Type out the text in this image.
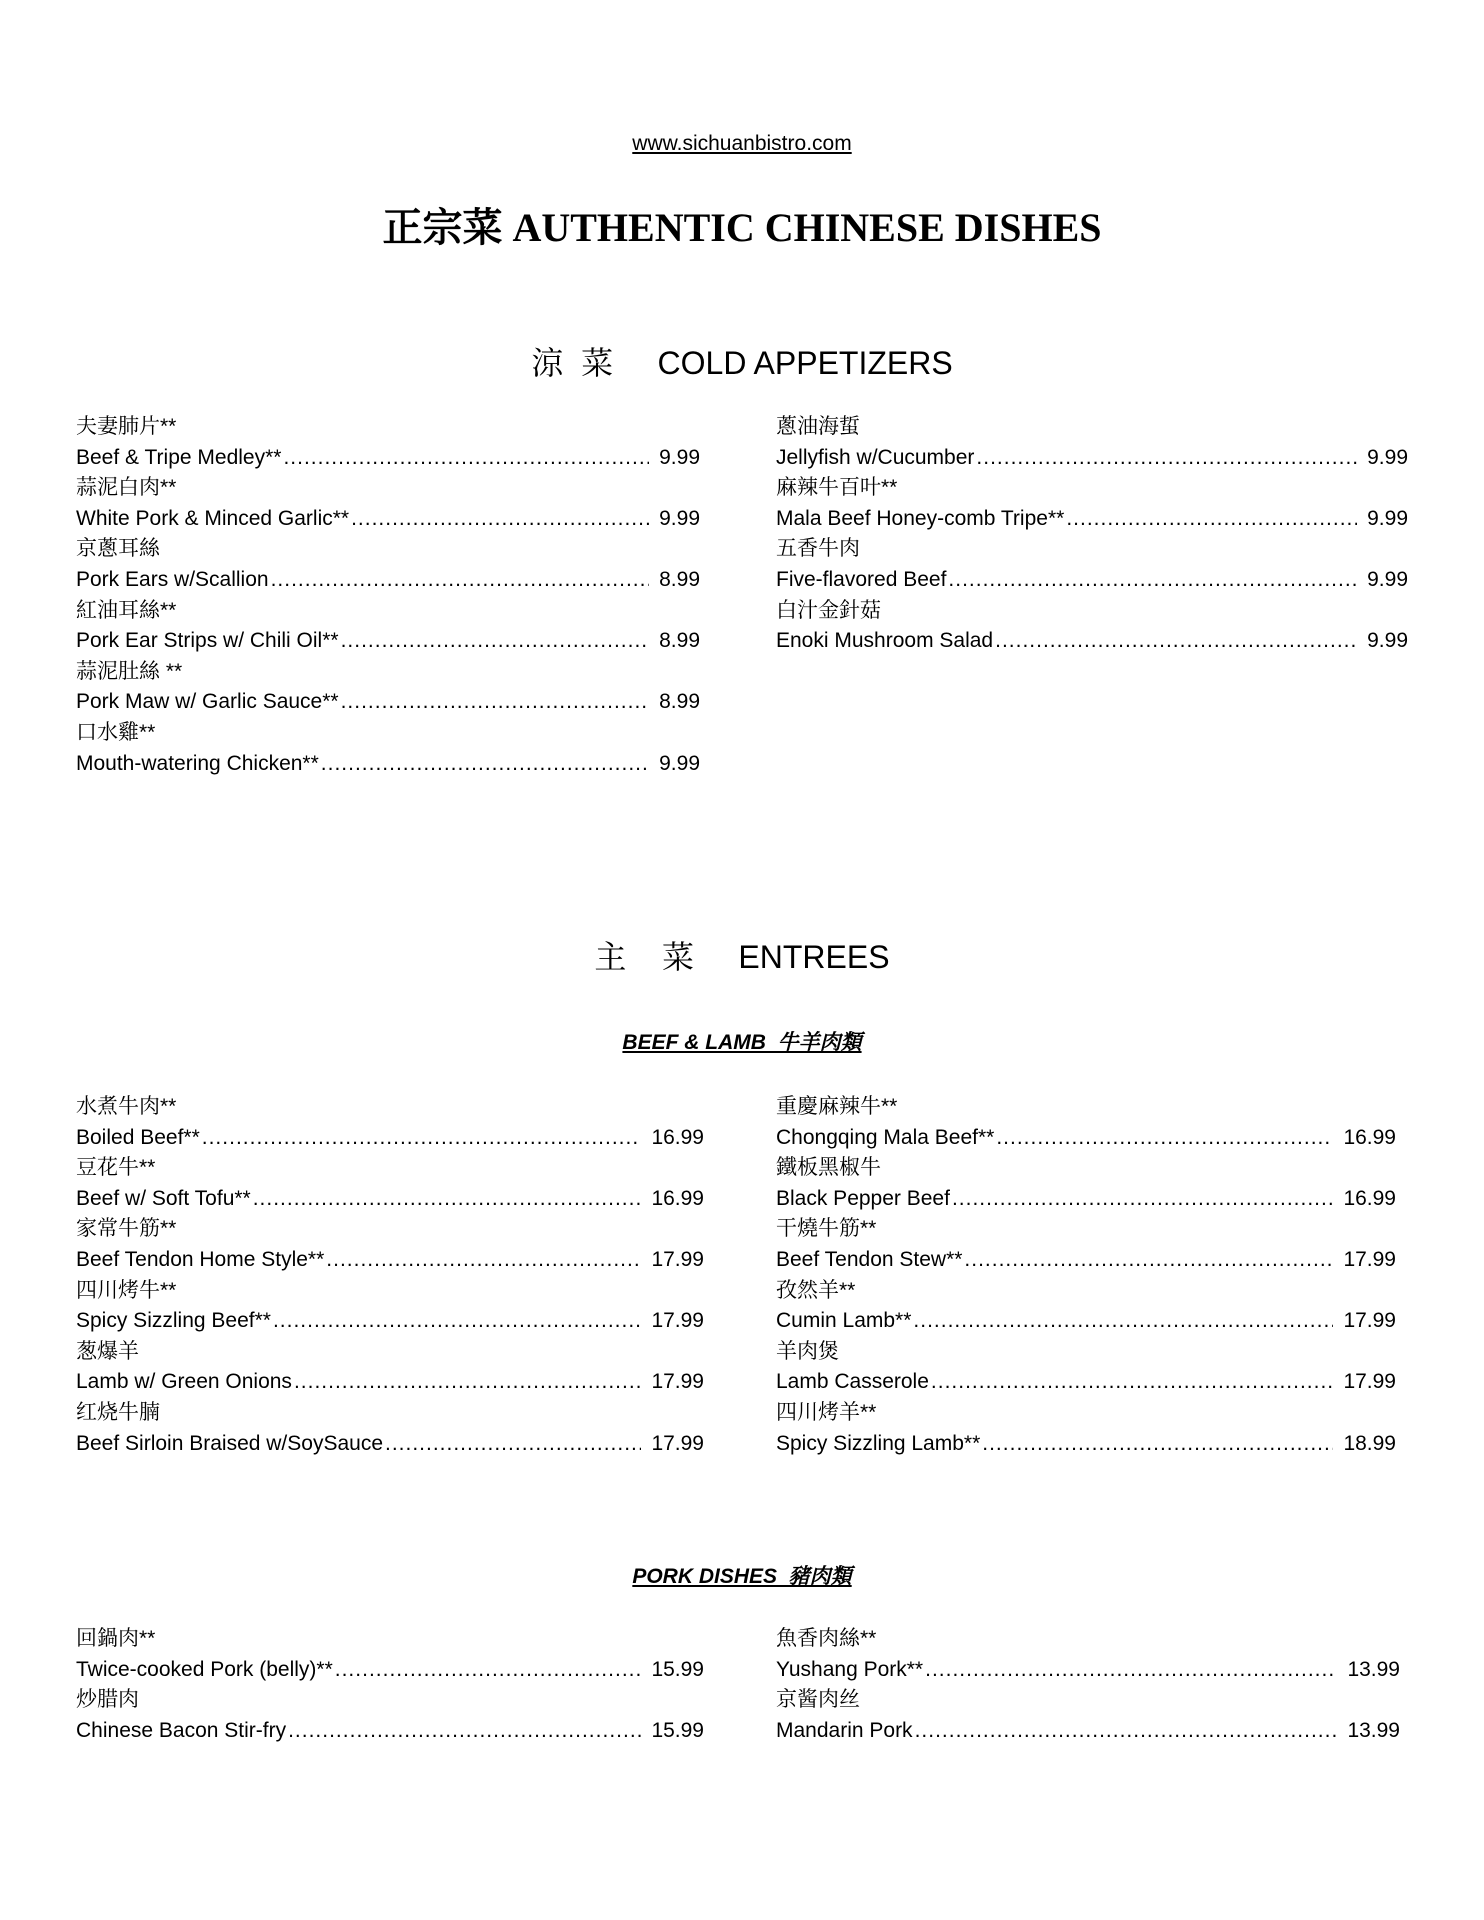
www.sichuanbistro.com
正宗菜 AUTHENTIC CHINESE DISHES
涼  菜     COLD APPETIZERS
夫妻肺片**
Beef & Tripe Medley** .....	9.99
蒜泥白肉**
White Pork & Minced Garlic** .....	9.99
京蔥耳絲
Pork Ears w/Scallion .....	8.99
紅油耳絲**
Pork Ear Strips w/ Chili Oil** .....	8.99
蒜泥肚絲 **
Pork Maw w/ Garlic Sauce** .....	8.99
口水雞**
Mouth-watering Chicken** .....	9.99
蔥油海蜇
Jellyfish w/Cucumber .....	9.99
麻辣牛百叶**
Mala Beef Honey-comb Tripe** .....	9.99
五香牛肉
Five-flavored Beef .....	9.99
白汁金針菇
Enoki Mushroom Salad .....	9.99
主    菜     ENTREES
BEEF & LAMB  牛羊肉類
水煮牛肉**
Boiled Beef** .....	16.99
豆花牛**
Beef w/ Soft Tofu** .....	16.99
家常牛筋**
Beef Tendon Home Style** .....	17.99
四川烤牛**
Spicy Sizzling Beef** .....	17.99
葱爆羊
Lamb w/ Green Onions .....	17.99
红烧牛腩
Beef Sirloin Braised w/SoySauce .....	17.99
重慶麻辣牛**
Chongqing Mala Beef** .....	16.99
鐵板黑椒牛
Black Pepper Beef .....	16.99
干燒牛筋**
Beef Tendon Stew** .....	17.99
孜然羊**
Cumin Lamb** .....	17.99
羊肉煲
Lamb Casserole .....	17.99
四川烤羊**
Spicy Sizzling Lamb** .....	18.99
PORK DISHES  豬肉類
回鍋肉**
Twice-cooked Pork (belly)** .....	15.99
炒腊肉
Chinese Bacon Stir-fry .....	15.99
魚香肉絲**
Yushang Pork** .....	13.99
京酱肉丝
Mandarin Pork .....	13.99
